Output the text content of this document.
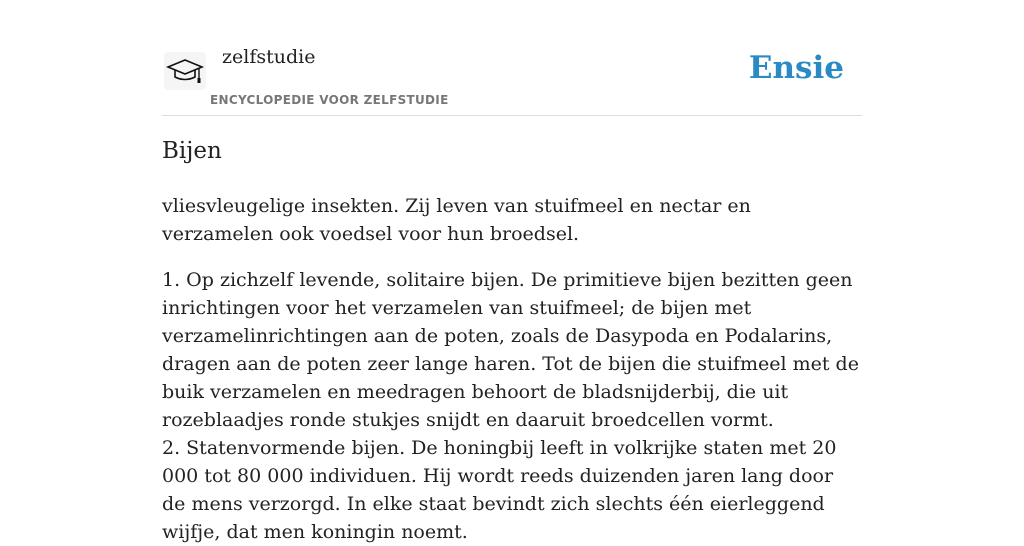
zelfstudie
ENCYCLOPEDIE VOOR ZELFSTUDIE
Ensie
Bijen

vliesvleugelige insekten. Zij leven van stuifmeel en nectar en verzamelen ook voedsel voor hun broedsel.

1. Op zichzelf levende, solitaire bijen. De primitieve bijen bezitten geen inrichtingen voor het verzamelen van stuifmeel; de bijen met verzamelinrichtingen aan de poten, zoals de Dasypoda en Podalarins, dragen aan de poten zeer lange haren. Tot de bijen die stuifmeel met de buik verzamelen en meedragen behoort de bladsnijderbij, die uit rozeblaadjes ronde stukjes snijdt en daaruit broedcellen vormt.

2. Statenvormende bijen. De honingbij leeft in volkrijke staten met 20 000 tot 80 000 individuen. Hij wordt reeds duizenden jaren lang door de mens verzorgd. In elke staat bevindt zich slechts één eierleggend wijfje, dat men koningin noemt.
